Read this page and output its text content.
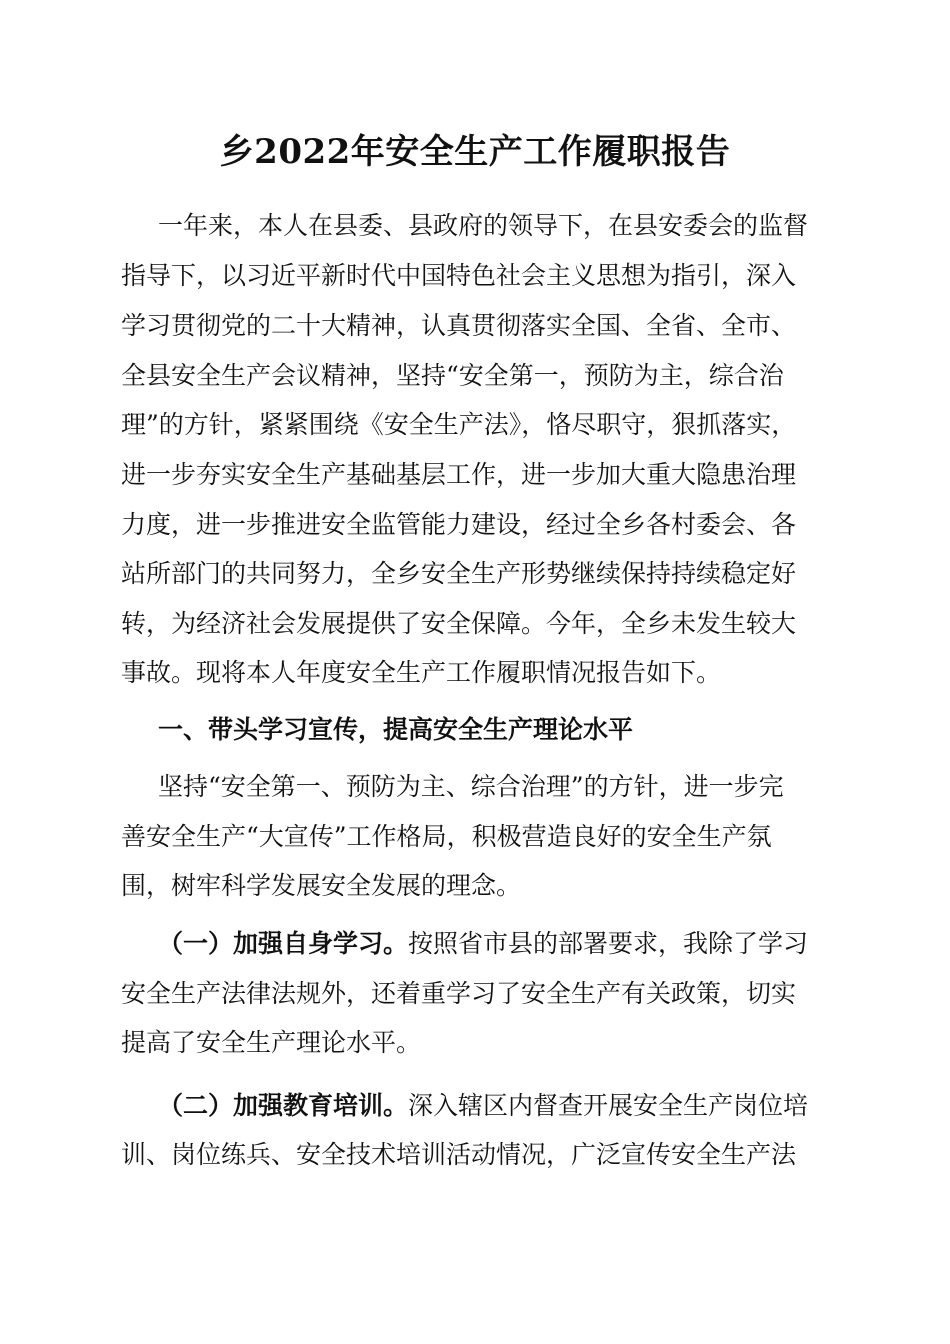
乡2022年安全生产工作履职报告

一年来，本人在县委、县政府的领导下，在县安委会的监督

指导下，以习近平新时代中国特色社会主义思想为指引，深入

学习贯彻党的二十大精神，认真贯彻落实全国、全省、全市、

全县安全生产会议精神，坚持“安全第一，预防为主，综合治

理”的方针，紧紧围绕《安全生产法》，恪尽职守，狠抓落实，

进一步夯实安全生产基础基层工作，进一步加大重大隐患治理

力度，进一步推进安全监管能力建设，经过全乡各村委会、各

站所部门的共同努力，全乡安全生产形势继续保持持续稳定好

转，为经济社会发展提供了安全保障。今年，全乡未发生较大

事故。现将本人年度安全生产工作履职情况报告如下。

一、带头学习宣传，提高安全生产理论水平

坚持“安全第一、预防为主、综合治理”的方针，进一步完

善安全生产“大宣传”工作格局，积极营造良好的安全生产氛

围，树牢科学发展安全发展的理念。

（一）加强自身学习。按照省市县的部署要求，我除了学习

安全生产法律法规外，还着重学习了安全生产有关政策，切实

提高了安全生产理论水平。

（二）加强教育培训。深入辖区内督查开展安全生产岗位培

训、岗位练兵、安全技术培训活动情况，广泛宣传安全生产法
